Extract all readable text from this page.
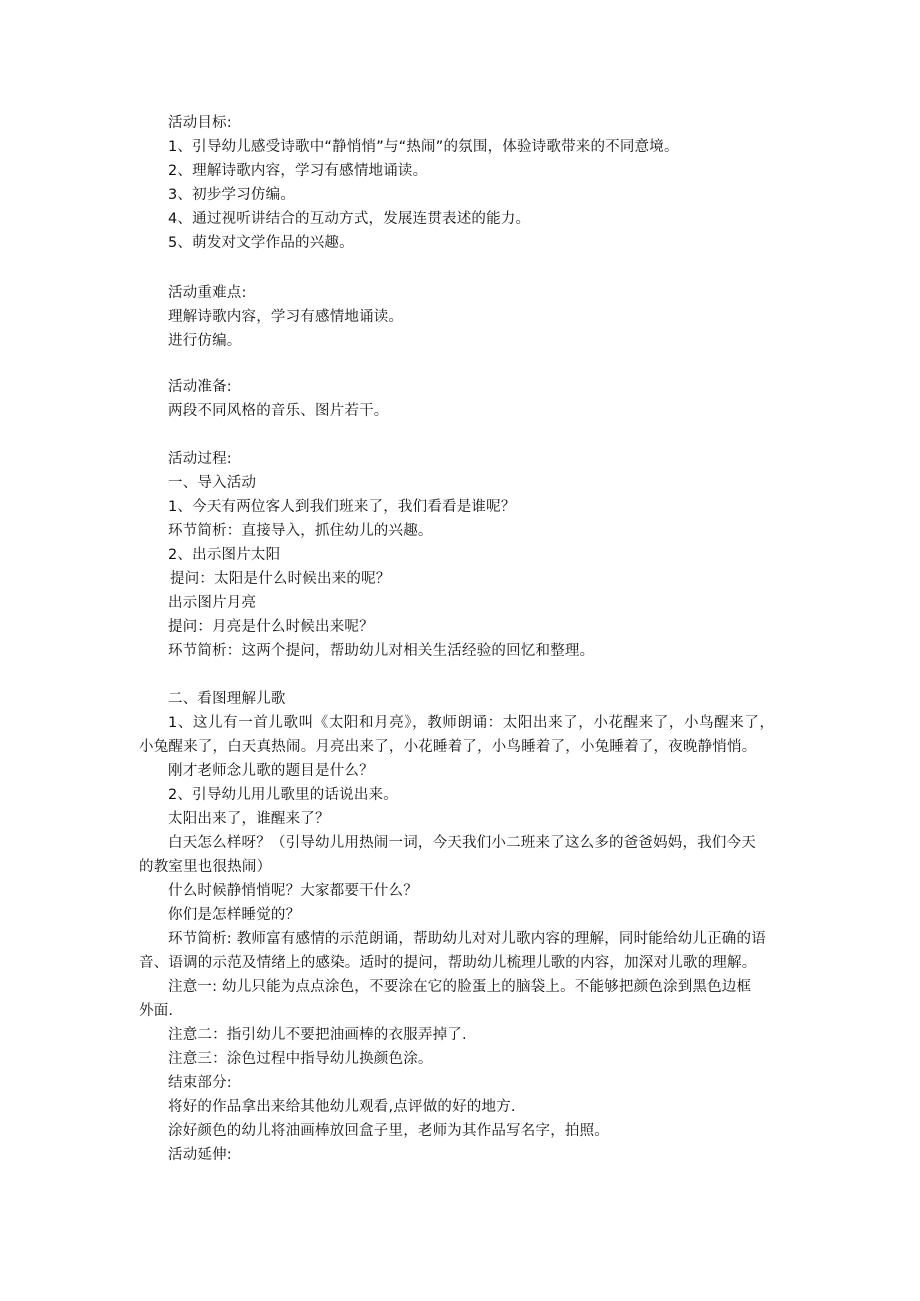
活动目标:
1、引导幼儿感受诗歌中“静悄悄”与“热闹”的氛围，体验诗歌带来的不同意境。
2、理解诗歌内容，学习有感情地诵读。
3、初步学习仿编。
4、通过视听讲结合的互动方式，发展连贯表述的能力。
5、萌发对文学作品的兴趣。
活动重难点:
理解诗歌内容，学习有感情地诵读。
进行仿编。
活动准备:
两段不同风格的音乐、图片若干。
活动过程:
一、导入活动
1、今天有两位客人到我们班来了，我们看看是谁呢？
环节简析：直接导入，抓住幼儿的兴趣。
2、出示图片太阳
提问：太阳是什么时候出来的呢？
出示图片月亮
提问：月亮是什么时候出来呢？
环节简析：这两个提问，帮助幼儿对相关生活经验的回忆和整理。
二、看图理解儿歌
1、这儿有一首儿歌叫《太阳和月亮》，教师朗诵：太阳出来了，小花醒来了，小鸟醒来了，
小兔醒来了，白天真热闹。月亮出来了，小花睡着了，小鸟睡着了，小兔睡着了，夜晚静悄悄。
刚才老师念儿歌的题目是什么？
2、引导幼儿用儿歌里的话说出来。
太阳出来了，谁醒来了？
白天怎么样呀？（引导幼儿用热闹一词，今天我们小二班来了这么多的爸爸妈妈，我们今天
的教室里也很热闹）
什么时候静悄悄呢？大家都要干什么？
你们是怎样睡觉的？
环节简析: 教师富有感情的示范朗诵，帮助幼儿对对儿歌内容的理解，同时能给幼儿正确的语
音、语调的示范及情绪上的感染。适时的提问，帮助幼儿梳理儿歌的内容，加深对儿歌的理解。
注意一: 幼儿只能为点点涂色，不要涂在它的脸蛋上的脑袋上。不能够把颜色涂到黑色边框
外面.
注意二：指引幼儿不要把油画棒的衣服弄掉了.
注意三：涂色过程中指导幼儿换颜色涂。
结束部分:
将好的作品拿出来给其他幼儿观看,点评做的好的地方.
涂好颜色的幼儿将油画棒放回盒子里，老师为其作品写名字，拍照。
活动延伸:
